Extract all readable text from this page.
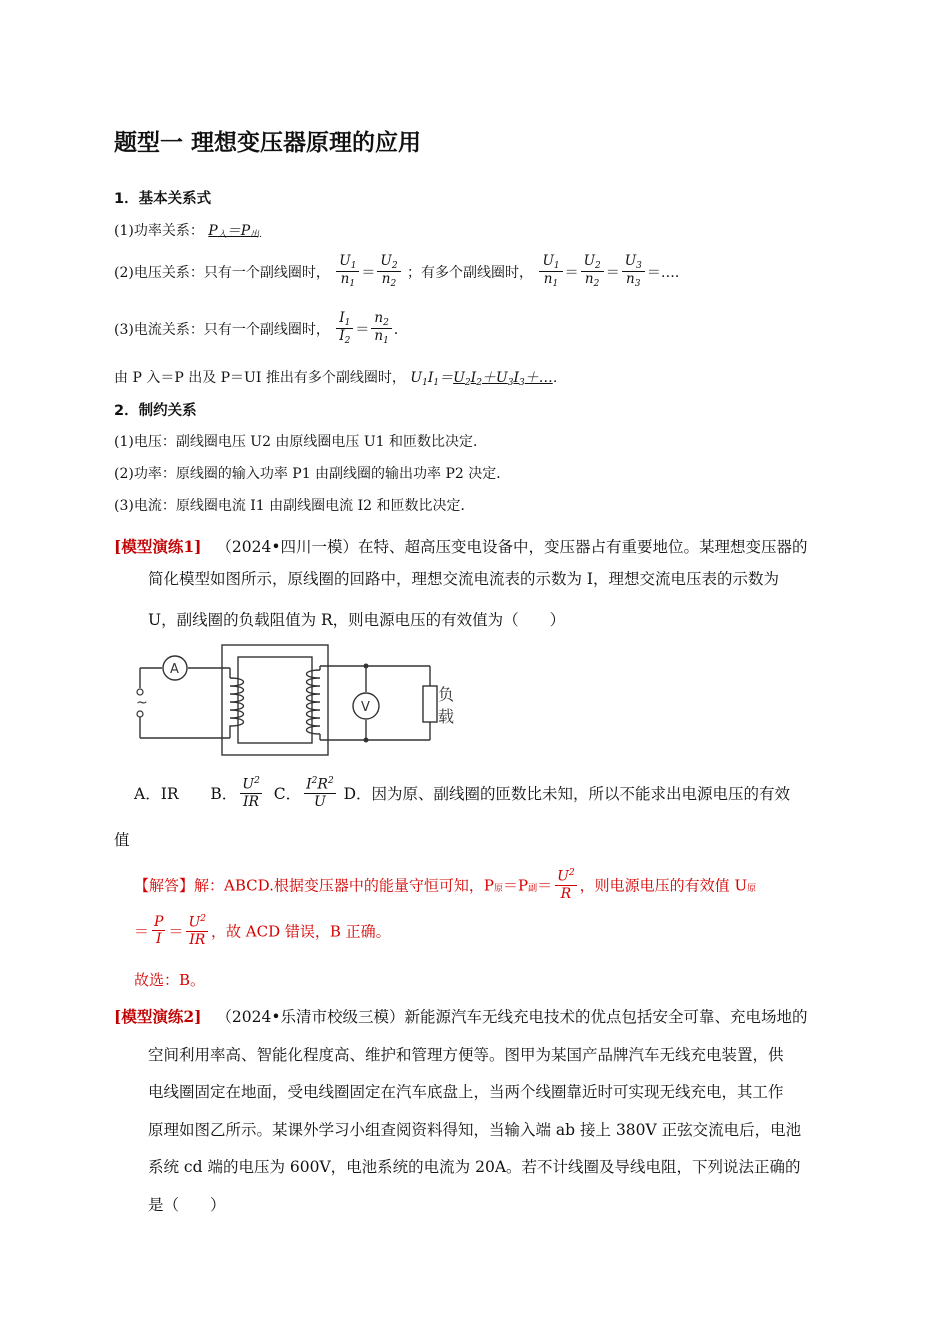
题型一 理想变压器原理的应用
1．基本关系式
(1)功率关系： P入＝P出.
(2)电压关系：只有一个副线圈时， $\frac{U_1}{n_1} = \frac{U_2}{n_2}$ ；有多个副线圈时， $\frac{U_1}{n_1} = \frac{U_2}{n_2} = \frac{U_3}{n_3}$ ＝…．
(3)电流关系：只有一个副线圈时， $\frac{I_1}{I_2} = \frac{n_2}{n_1}$ ．
由 P 入＝P 出及 P＝UI 推出有多个副线圈时， $U_1I_1=U_2I_2+U_3I_3+\dots$．
2．制约关系
(1)电压：副线圈电压 U2 由原线圈电压 U1 和匝数比决定．
(2)功率：原线圈的输入功率 P1 由副线圈的输出功率 P2 决定．
(3)电流：原线圈电流 I1 由副线圈电流 I2 和匝数比决定．
[模型演练1] （2024•四川一模）在特、超高压变电设备中，变压器占有重要地位。某理想变压器的
简化模型如图所示，原线圈的回路中，理想交流电流表的示数为 I，理想交流电压表的示数为
U，副线圈的负载阻值为 R，则电源电压的有效值为（　　）
~
A
V
负
载
A．IR B． $\frac{U^2}{IR}$ C． $\frac{I^2R^2}{U}$ D．因为原、副线圈的匝数比未知，所以不能求出电源电压的有效
值
【解答】解：ABCD.根据变压器中的能量守恒可知，P原＝P副＝ $\frac{U^2}{R}$ ，则电源电压的有效值 U原
＝ $\frac{P}{I} = \frac{U^2}{IR}$ ，故 ACD 错误，B 正确。
故选：B。
[模型演练2] （2024•乐清市校级三模）新能源汽车无线充电技术的优点包括安全可靠、充电场地的
空间利用率高、智能化程度高、维护和管理方便等。图甲为某国产品牌汽车无线充电装置，供
电线圈固定在地面，受电线圈固定在汽车底盘上，当两个线圈靠近时可实现无线充电，其工作
原理如图乙所示。某课外学习小组查阅资料得知，当输入端 ab 接上 380V 正弦交流电后，电池
系统 cd 端的电压为 600V，电池系统的电流为 20A。若不计线圈及导线电阻，下列说法正确的
是（　　）
